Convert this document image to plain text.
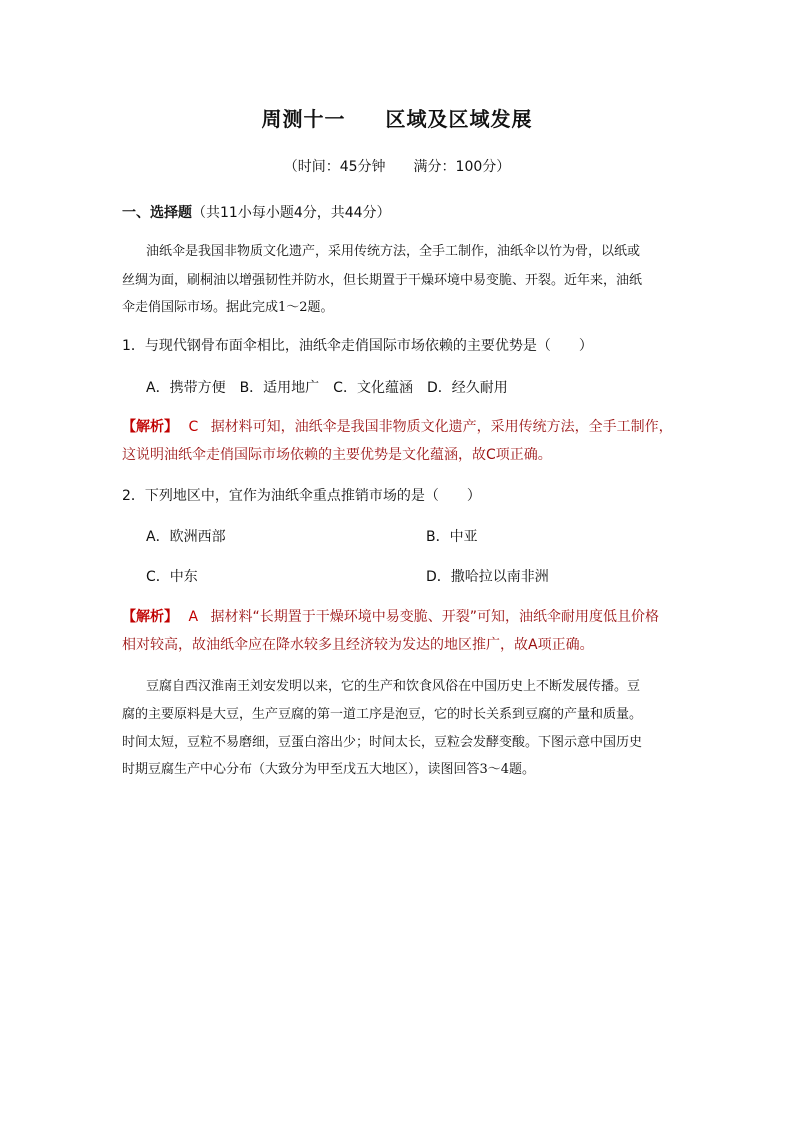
周测十一 区域及区域发展
（时间：45分钟 满分：100分）
一、选择题（共11小每小题4分，共44分）
油纸伞是我国非物质文化遗产，采用传统方法，全手工制作，油纸伞以竹为骨，以纸或
丝绸为面，刷桐油以增强韧性并防水，但长期置于干燥环境中易变脆、开裂。近年来，油纸
伞走俏国际市场。据此完成1～2题。
1．与现代钢骨布面伞相比，油纸伞走俏国际市场依赖的主要优势是（　　）
A．携带方便　B．适用地广　C．文化蕴涵　D．经久耐用
【解析】 C 据材料可知，油纸伞是我国非物质文化遗产，采用传统方法，全手工制作，
这说明油纸伞走俏国际市场依赖的主要优势是文化蕴涵，故C项正确。
2．下列地区中，宜作为油纸伞重点推销市场的是（　　）
A．欧洲西部	B．中亚
C．中东	D．撒哈拉以南非洲
【解析】 A 据材料“长期置于干燥环境中易变脆、开裂”可知，油纸伞耐用度低且价格
相对较高，故油纸伞应在降水较多且经济较为发达的地区推广，故A项正确。
豆腐自西汉淮南王刘安发明以来，它的生产和饮食风俗在中国历史上不断发展传播。豆
腐的主要原料是大豆，生产豆腐的第一道工序是泡豆，它的时长关系到豆腐的产量和质量。
时间太短，豆粒不易磨细，豆蛋白溶出少；时间太长，豆粒会发酵变酸。下图示意中国历史
时期豆腐生产中心分布（大致分为甲至戊五大地区），读图回答3～4题。
